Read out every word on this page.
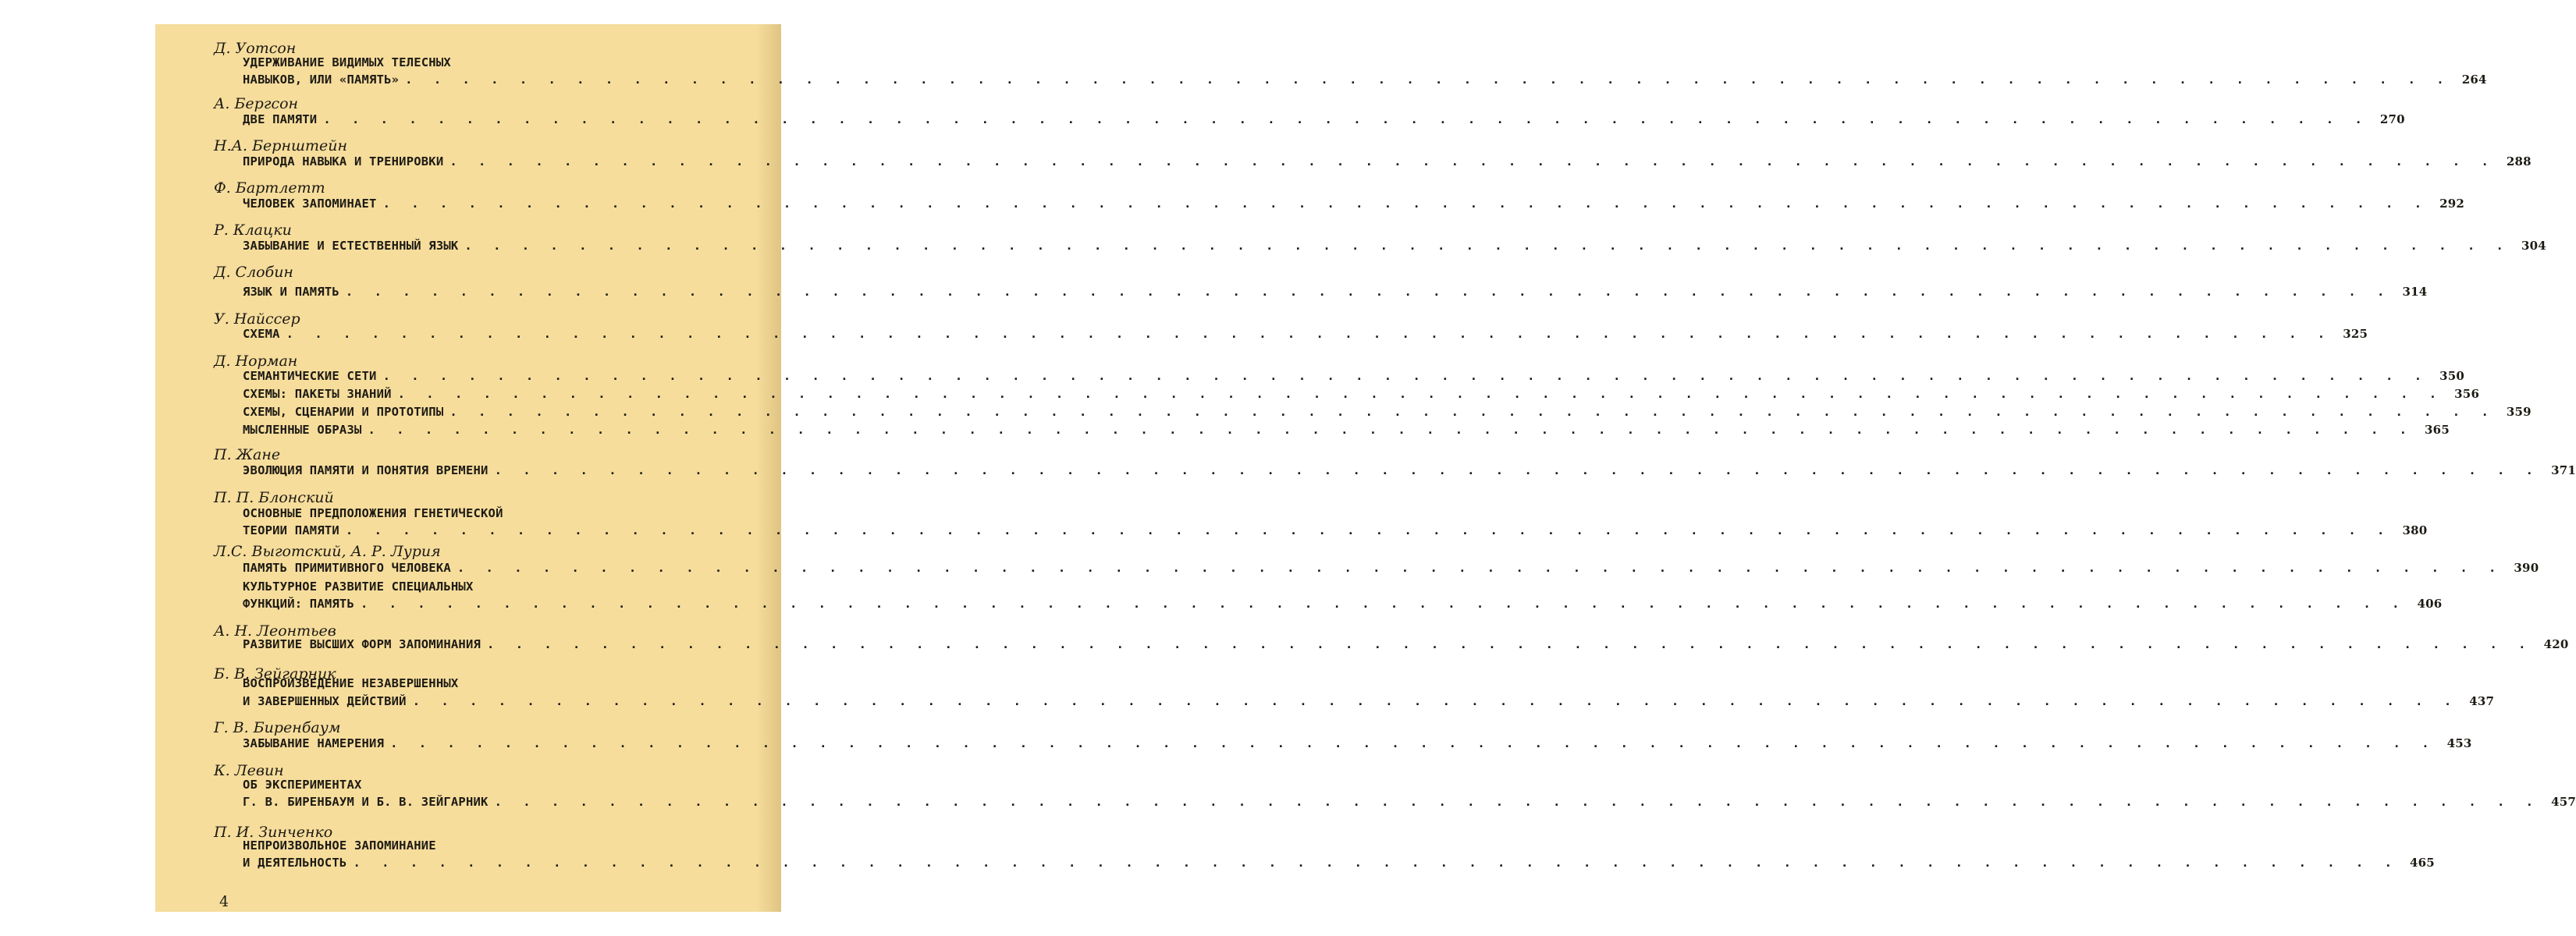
Д. Уотсон
УДЕРЖИВАНИЕ ВИДИМЫХ ТЕЛЕСНЫХ
НАВЫКОВ, ИЛИ «ПАМЯТЬ» . . . . . . . . . . . . . . . . . . . . . . . . . . . . . . . . . . . . . . . . . . . . . . . . . . . . . . . . . . . . . . . . . . . . . . . . 264
А. Бергсон
ДВЕ ПАМЯТИ . . . . . . . . . . . . . . . . . . . . . . . . . . . . . . . . . . . . . . . . . . . . . . . . . . . . . . . . . . . . . . . . . . . . . . . . 270
Н.А. Бернштейн
ПРИРОДА НАВЫКА И ТРЕНИРОВКИ . . . . . . . . . . . . . . . . . . . . . . . . . . . . . . . . . . . . . . . . . . . . . . . . . . . . . . . . . . . . . . . . . . . . . . . . 288
Ф. Бартлетт
ЧЕЛОВЕК ЗАПОМИНАЕТ . . . . . . . . . . . . . . . . . . . . . . . . . . . . . . . . . . . . . . . . . . . . . . . . . . . . . . . . . . . . . . . . . . . . . . . . 292
Р. Клацки
ЗАБЫВАНИЕ И ЕСТЕСТВЕННЫЙ ЯЗЫК . . . . . . . . . . . . . . . . . . . . . . . . . . . . . . . . . . . . . . . . . . . . . . . . . . . . . . . . . . . . . . . . . . . . . . . . 304
Д. Слобин
ЯЗЫК И ПАМЯТЬ . . . . . . . . . . . . . . . . . . . . . . . . . . . . . . . . . . . . . . . . . . . . . . . . . . . . . . . . . . . . . . . . . . . . . . . . 314
У. Найссер
СХЕМА . . . . . . . . . . . . . . . . . . . . . . . . . . . . . . . . . . . . . . . . . . . . . . . . . . . . . . . . . . . . . . . . . . . . . . . . 325
Д. Норман
СЕМАНТИЧЕСКИЕ СЕТИ . . . . . . . . . . . . . . . . . . . . . . . . . . . . . . . . . . . . . . . . . . . . . . . . . . . . . . . . . . . . . . . . . . . . . . . . 350
СХЕМЫ: ПАКЕТЫ ЗНАНИЙ . . . . . . . . . . . . . . . . . . . . . . . . . . . . . . . . . . . . . . . . . . . . . . . . . . . . . . . . . . . . . . . . . . . . . . . . 356
СХЕМЫ, СЦЕНАРИИ И ПРОТОТИПЫ . . . . . . . . . . . . . . . . . . . . . . . . . . . . . . . . . . . . . . . . . . . . . . . . . . . . . . . . . . . . . . . . . . . . . . . . 359
МЫСЛЕННЫЕ ОБРАЗЫ . . . . . . . . . . . . . . . . . . . . . . . . . . . . . . . . . . . . . . . . . . . . . . . . . . . . . . . . . . . . . . . . . . . . . . . . 365
П. Жане
ЭВОЛЮЦИЯ ПАМЯТИ И ПОНЯТИЯ ВРЕМЕНИ . . . . . . . . . . . . . . . . . . . . . . . . . . . . . . . . . . . . . . . . . . . . . . . . . . . . . . . . . . . . . . . . . . . . . . . . 371
П. П. Блонский
ОСНОВНЫЕ ПРЕДПОЛОЖЕНИЯ ГЕНЕТИЧЕСКОЙ
ТЕОРИИ ПАМЯТИ . . . . . . . . . . . . . . . . . . . . . . . . . . . . . . . . . . . . . . . . . . . . . . . . . . . . . . . . . . . . . . . . . . . . . . . . 380
Л.С. Выготский, А. Р. Лурия
ПАМЯТЬ ПРИМИТИВНОГО ЧЕЛОВЕКА . . . . . . . . . . . . . . . . . . . . . . . . . . . . . . . . . . . . . . . . . . . . . . . . . . . . . . . . . . . . . . . . . . . . . . . . 390
КУЛЬТУРНОЕ РАЗВИТИЕ СПЕЦИАЛЬНЫХ
ФУНКЦИЙ: ПАМЯТЬ . . . . . . . . . . . . . . . . . . . . . . . . . . . . . . . . . . . . . . . . . . . . . . . . . . . . . . . . . . . . . . . . . . . . . . . . 406
А. Н. Леонтьев
РАЗВИТИЕ ВЫСШИХ ФОРМ ЗАПОМИНАНИЯ . . . . . . . . . . . . . . . . . . . . . . . . . . . . . . . . . . . . . . . . . . . . . . . . . . . . . . . . . . . . . . . . . . . . . . . . 420
Б. В. Зейгарник
ВОСПРОИЗВЕДЕНИЕ НЕЗАВЕРШЕННЫХ
И ЗАВЕРШЕННЫХ ДЕЙСТВИЙ . . . . . . . . . . . . . . . . . . . . . . . . . . . . . . . . . . . . . . . . . . . . . . . . . . . . . . . . . . . . . . . . . . . . . . . . 437
Г. В. Биренбаум
ЗАБЫВАНИЕ НАМЕРЕНИЯ . . . . . . . . . . . . . . . . . . . . . . . . . . . . . . . . . . . . . . . . . . . . . . . . . . . . . . . . . . . . . . . . . . . . . . . . 453
К. Левин
ОБ ЭКСПЕРИМЕНТАХ
Г. В. БИРЕНБАУМ И Б. В. ЗЕЙГАРНИК . . . . . . . . . . . . . . . . . . . . . . . . . . . . . . . . . . . . . . . . . . . . . . . . . . . . . . . . . . . . . . . . . . . . . . . . 457
П. И. Зинченко
НЕПРОИЗВОЛЬНОЕ ЗАПОМИНАНИЕ
И ДЕЯТЕЛЬНОСТЬ . . . . . . . . . . . . . . . . . . . . . . . . . . . . . . . . . . . . . . . . . . . . . . . . . . . . . . . . . . . . . . . . . . . . . . . . 465
4
